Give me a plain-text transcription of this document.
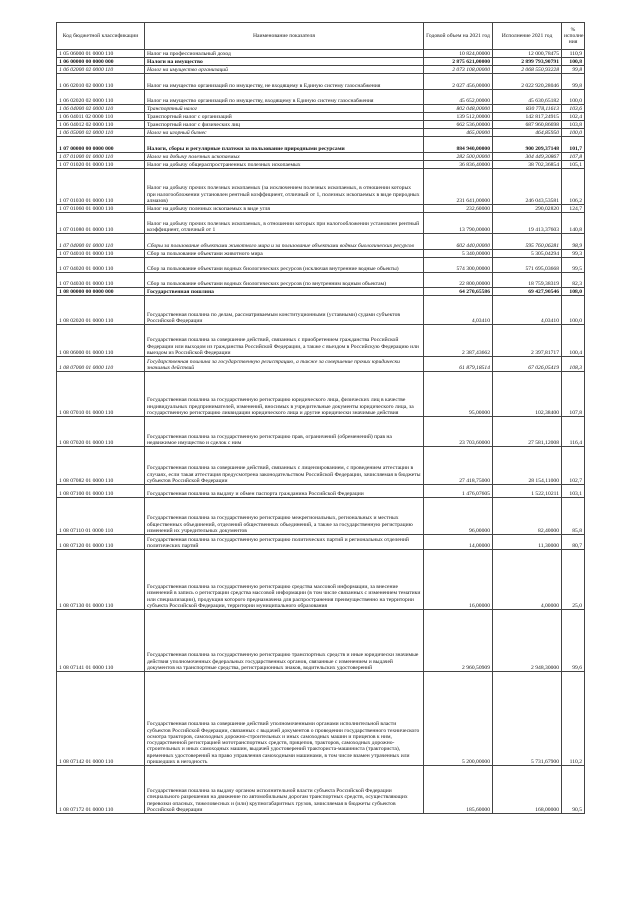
Код бюджетной классификации	Наименование показателя	Годовой объем на 2021 год	Исполнение 2021 год	% исполне ния
1 05 06000 01 0000 110	Налог на профессиональный доход	10 824,00000	12 000,78475	110,9
1 06 00000 00 0000 000	Налоги на имущество	2 875 621,00000	2 899 793,90791	100,8
1 06 02000 02 0000 110	Налог на имущество организаций	2 073 108,00000	2 068 550,93228	99,8
1 06 02010 02 0000 110	Налог на имущество организаций по имуществу, не входящему в Единую систему газоснабжения	2 027 456,00000	2 022 920,28046	99,8
1 06 02020 02 0000 110	Налог на имущество организаций по имуществу, входящему в Единую систему газоснабжения	45 652,00000	45 630,65182	100,0
1 06 04000 02 0000 110	Транспортный налог	802 048,00000	830 778,11613	103,6
1 06 04011 02 0000 110	Транспортный налог с организаций	139 512,00000	142 817,24915	102,4
1 06 04012 02 0000 110	Транспортный налог с физических лиц	662 536,00000	687 960,86698	103,8
1 06 05000 02 0000 110	Налог на игорный бизнес	465,00000	464,85950	100,0
1 07 00000 00 0000 000	Налоги, сборы и регулярные платежи за пользование природными ресурсами	884 940,00000	900 209,37148	101,7
1 07 01000 01 0000 110	Налог на добычу полезных ископаемых	282 500,00000	304 449,30867	107,8
1 07 01020 01 0000 110	Налог на добычу общераспространенных полезных ископаемых	36 836,40000	38 702,36854	105,1
1 07 01030 01 0000 110	Налог на добычу прочих полезных ископаемых (за исключением полезных ископаемых, в отношении которых при налогообложении установлен рентный коэффициент, отличный от 1, полезных ископаемых в виде природных алмазов)	231 641,00000	246 043,53581	106,2
1 07 01060 01 0000 110	Налог на добычу полезных ископаемых в виде угля	232,60000	290,02820	124,7
1 07 01080 01 0000 110	Налог на добычу прочих полезных ископаемых, в отношении которых при налогообложении установлен рентный коэффициент, отличный от 1	13 790,00000	19 413,37603	140,8
1 07 04000 01 0000 110	Сборы за пользование объектами животного мира и за пользование объектами водных биологических ресурсов	602 440,00000	595 760,06281	98,9
1 07 04010 01 0000 110	Сбор за пользование объектами животного мира	5 340,00000	5 305,04294	99,3
1 07 04020 01 0000 110	Сбор за пользование объектами водных биологических ресурсов (исключая внутренние водные объекты)	574 300,00000	571 695,03668	99,5
1 07 04030 01 0000 110	Сбор за пользование объектами водных биологических ресурсов (по внутренним водным объектам)	22 800,00000	18 759,38319	82,3
1 08 00000 00 0000 000	Государственная пошлина	64 270,65586	69 427,90546	108,0
1 08 02020 01 0000 110	Государственная пошлина по делам, рассматриваемым конституционными (уставными) судами субъектов Российской Федерации	4,03410	4,03410	100,0
1 08 06000 01 0000 110	Государственная пошлина за совершение действий, связанных с приобретением гражданства Российской Федерации или выходом из гражданства Российской Федерации, а также с въездом в Российскую Федерацию или выездом из Российской Федерации	2 387,43662	2 397,81717	100,4
1 08 07000 01 0000 110	Государственная пошлина за государственную регистрацию, а также за совершение прочих юридически значимых действий	61 879,18514	67 026,05419	108,3
1 08 07010 01 0000 110	Государственная пошлина за государственную регистрацию юридического лица, физических лиц в качестве индивидуальных предпринимателей, изменений, вносимых в учредительные документы юридического лица, за государственную регистрацию ликвидации юридического лица и другие юридически значимые действия	95,00000	102,38400	107,8
1 08 07020 01 0000 110	Государственная пошлина за государственную регистрацию прав, ограничений (обременений) прав на недвижимое имущество и сделок с ним	23 703,60000	27 581,12008	116,4
1 08 07082 01 0000 110	Государственная пошлина за совершение действий, связанных с лицензированием, с проведением аттестации в случаях, если такая аттестация предусмотрена законодательством Российской Федерации, зачисляемая в бюджеты субъектов Российской Федерации	27 418,75000	28 154,11000	102,7
1 08 07100 01 0000 110	Государственная пошлина за выдачу и обмен паспорта гражданина Российской Федерации	1 476,07605	1 522,10211	103,1
1 08 07110 01 0000 110	Государственная пошлина за государственную регистрацию межрегиональных, региональных и местных общественных объединений, отделений общественных объединений, а также за государственную регистрацию изменений их учредительных документов	96,00000	82,40000	85,8
1 08 07120 01 0000 110	Государственная пошлина за государственную регистрацию политических партий и региональных отделений политических партий	14,00000	11,30000	80,7
1 08 07130 01 0000 110	Государственная пошлина за государственную регистрацию средства массовой информации, за внесение изменений в запись о регистрации средства массовой информации (в том числе связанных с изменением тематики или специализации), продукция которого предназначена для распространения преимущественно на территории субъекта Российской Федерации, территории муниципального образования	16,00000	4,00000	25,0
1 08 07141 01 0000 110	Государственная пошлина за государственную регистрацию транспортных средств и иные юридически значимые действия уполномоченных федеральных государственных органов, связанные с изменением и выдачей документов на транспортные средства, регистрационных знаков, водительских удостоверений	2 960,50909	2 948,30000	99,6
1 08 07142 01 0000 110	Государственная пошлина за совершение действий уполномоченными органами исполнительной власти субъектов Российской Федерации, связанных с выдачей документов о проведении государственного технического осмотра тракторов, самоходных дорожно-строительных и иных самоходных машин и прицепов к ним, государственной регистрацией мототранспортных средств, прицепов, тракторов, самоходных дорожно-строительных и иных самоходных машин, выдачей удостоверений тракториста-машиниста (тракториста), временных удостоверений на право управления самоходными машинами, в том числе взамен утраченных или пришедших в негодность	5 200,00000	5 731,67900	110,2
1 08 07172 01 0000 110	Государственная пошлина за выдачу органом исполнительной власти субъекта Российской Федерации специального разрешения на движение по автомобильным дорогам транспортных средств, осуществляющих перевозки опасных, тяжеловесных и (или) крупногабаритных грузов, зачисляемая в бюджеты субъектов Российской Федерации	185,60000	168,00000	90,5
